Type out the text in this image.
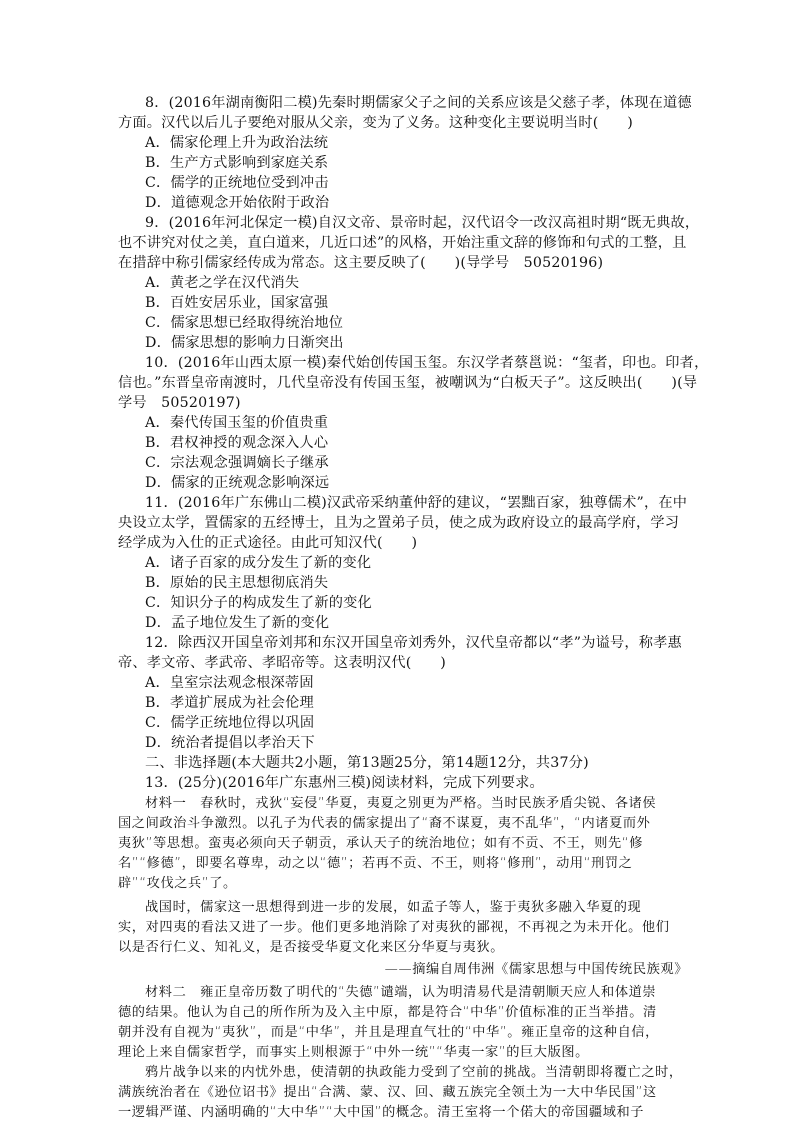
8．(2016年湖南衡阳二模)先秦时期儒家父子之间的关系应该是父慈子孝，体现在道德
方面。汉代以后儿子要绝对服从父亲，变为了义务。这种变化主要说明当时(　　)
A．儒家伦理上升为政治法统
B．生产方式影响到家庭关系
C．儒学的正统地位受到冲击
D．道德观念开始依附于政治
9．(2016年河北保定一模)自汉文帝、景帝时起，汉代诏令一改汉高祖时期“既无典故，
也不讲究对仗之美，直白道来，几近口述”的风格，开始注重文辞的修饰和句式的工整，且
在措辞中称引儒家经传成为常态。这主要反映了(　　)(导学号　50520196)
A．黄老之学在汉代消失
B．百姓安居乐业，国家富强
C．儒家思想已经取得统治地位
D．儒家思想的影响力日渐突出
10．(2016年山西太原一模)秦代始创传国玉玺。东汉学者蔡邕说：“玺者，印也。印者，
信也。”东晋皇帝南渡时，几代皇帝没有传国玉玺，被嘲讽为“白板天子”。这反映出(　　)(导
学号　50520197)
A．秦代传国玉玺的价值贵重
B．君权神授的观念深入人心
C．宗法观念强调嫡长子继承
D．儒家的正统观念影响深远
11．(2016年广东佛山二模)汉武帝采纳董仲舒的建议，“罢黜百家，独尊儒术”，在中
央设立太学，置儒家的五经博士，且为之置弟子员，使之成为政府设立的最高学府，学习
经学成为入仕的正式途径。由此可知汉代(　　)
A．诸子百家的成分发生了新的变化
B．原始的民主思想彻底消失
C．知识分子的构成发生了新的变化
D．孟子地位发生了新的变化
12．除西汉开国皇帝刘邦和东汉开国皇帝刘秀外，汉代皇帝都以“孝”为谥号，称孝惠
帝、孝文帝、孝武帝、孝昭帝等。这表明汉代(　　)
A．皇室宗法观念根深蒂固
B．孝道扩展成为社会伦理
C．儒学正统地位得以巩固
D．统治者提倡以孝治天下
二、非选择题(本大题共2小题，第13题25分，第14题12分，共37分)
13．(25分)(2016年广东惠州三模)阅读材料，完成下列要求。
材料一　春秋时，戎狄“妄侵”华夏，夷夏之别更为严格。当时民族矛盾尖锐、各诸侯
国之间政治斗争激烈。以孔子为代表的儒家提出了“裔不谋夏，夷不乱华”，“内诸夏而外
夷狄”等思想。蛮夷必须向天子朝贡，承认天子的统治地位；如有不贡、不王，则先“修
名”“修德”，即要名尊卑，动之以“德”；若再不贡、不王，则将“修刑”，动用“刑罚之
辟”“攻伐之兵”了。
战国时，儒家这一思想得到进一步的发展，如孟子等人，鉴于夷狄多融入华夏的现
实，对四夷的看法又进了一步。他们更多地消除了对夷狄的鄙视，不再视之为未开化。他们
以是否行仁义、知礼义，是否接受华夏文化来区分华夏与夷狄。
——摘编自周伟洲《儒家思想与中国传统民族观》
材料二　雍正皇帝历数了明代的“失德”谴端，认为明清易代是清朝顺天应人和体道崇
德的结果。他认为自己的所作所为及入主中原，都是符合“中华”价值标准的正当举措。清
朝并没有自视为“夷狄”，而是“中华”，并且是理直气壮的“中华”。雍正皇帝的这种自信，
理论上来自儒家哲学，而事实上则根源于“中外一统”“华夷一家”的巨大版图。
鸦片战争以来的内忧外患，使清朝的执政能力受到了空前的挑战。当清朝即将覆亡之时，
满族统治者在《逊位诏书》提出“合满、蒙、汉、回、藏五族完全领土为一大中华民国”这
一逻辑严谨、内涵明确的“大中华”“大中国”的概念。清王室将一个偌大的帝国疆域和子
